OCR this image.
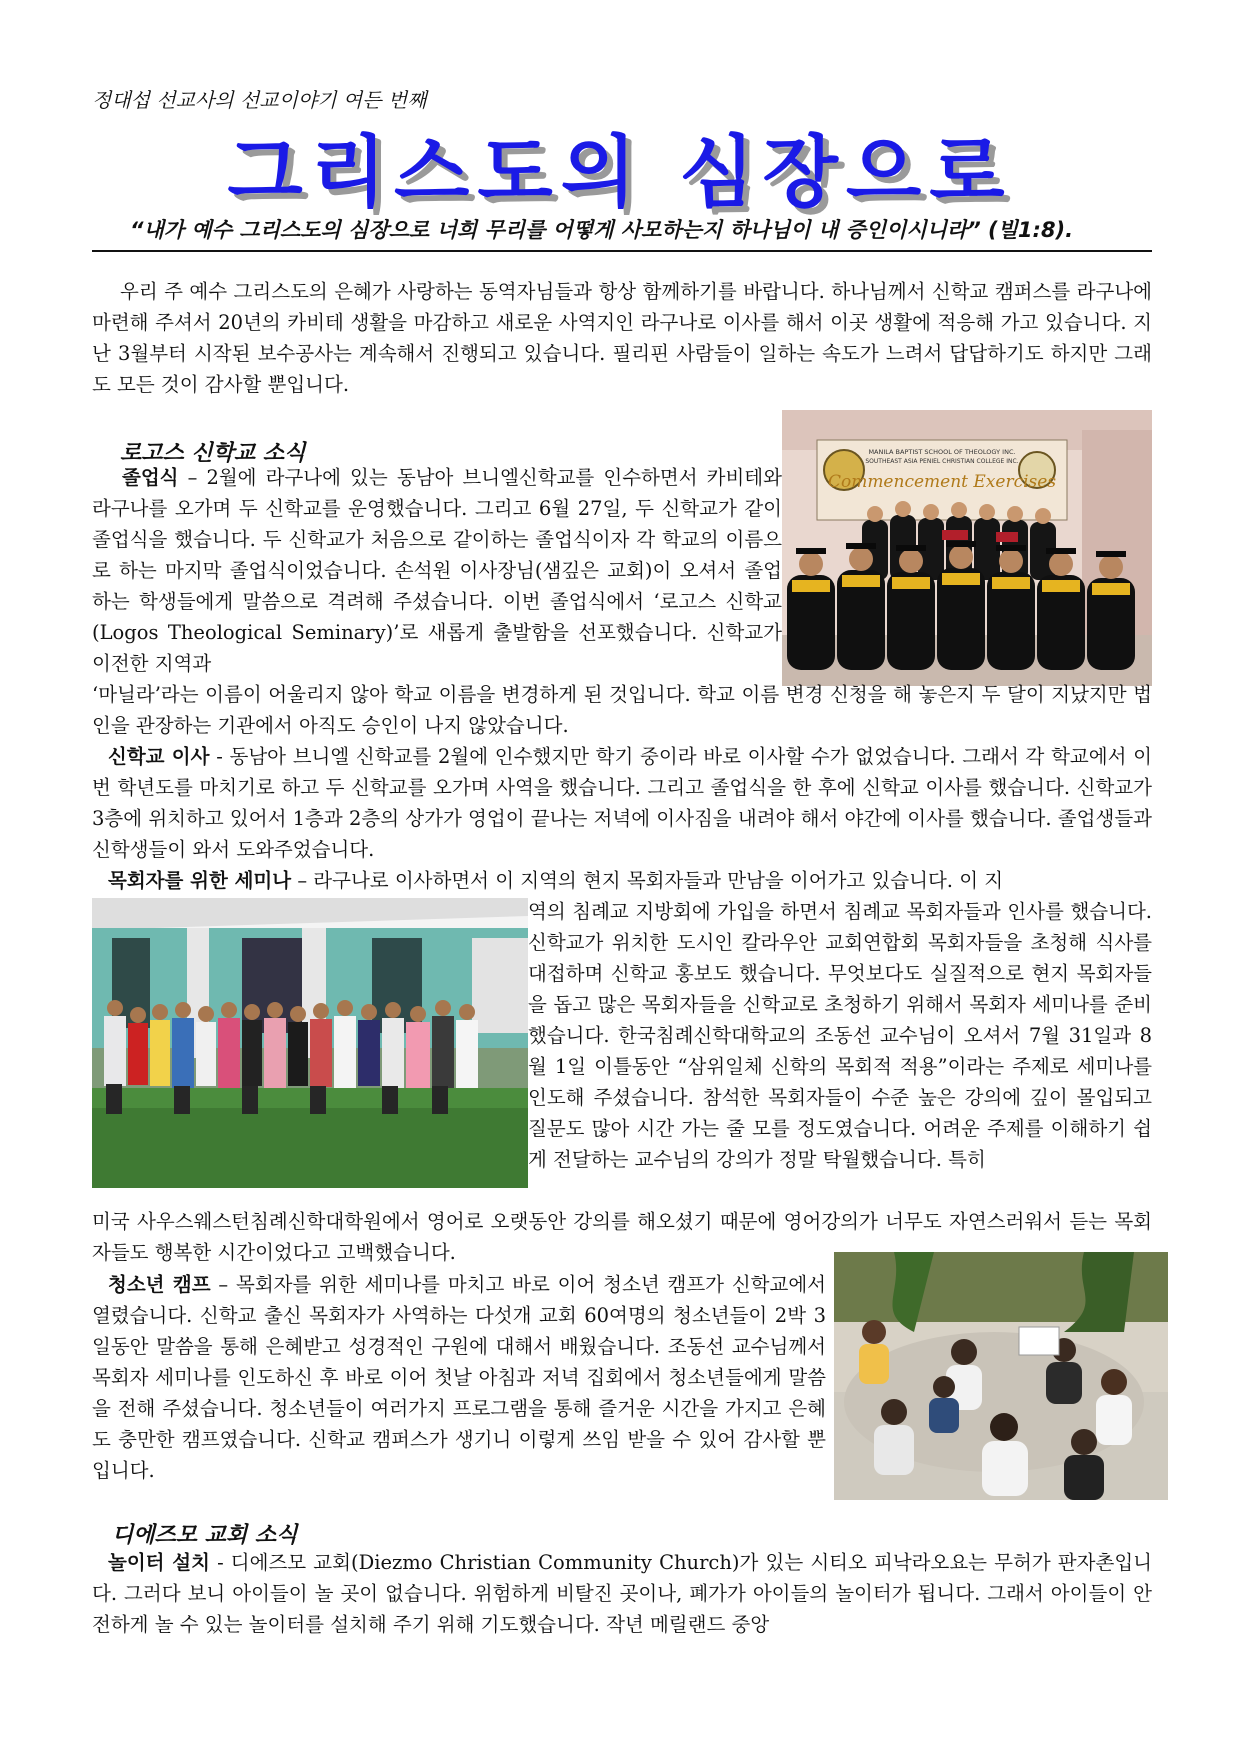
정대섭 선교사의 선교이야기 여든 번째
그리스도의 심장으로
“내가 예수 그리스도의 심장으로 너희 무리를 어떻게 사모하는지 하나님이 내 증인이시니라” (빌1:8).

우리 주 예수 그리스도의 은혜가 사랑하는 동역자님들과 항상 함께하기를 바랍니다. 하나님께서 신학교 캠퍼스를 라구나에 마련해 주셔서 20년의 카비테 생활을 마감하고 새로운 사역지인 라구나로 이사를 해서 이곳 생활에 적응해 가고 있습니다. 지난 3월부터 시작된 보수공사는 계속해서 진행되고 있습니다. 필리핀 사람들이 일하는 속도가 느려서 답답하기도 하지만 그래도 모든 것이 감사할 뿐입니다.

로고스 신학교 소식	MANILA BAPTIST SCHOOL OF THEOLOGY INC.
SOUTHEAST ASIA PENIEL CHRISTIAN COLLEGE INC.
Commencement Exercises

졸업식 – 2월에 라구나에 있는 동남아 브니엘신학교를 인수하면서 카비테와 라구나를 오가며 두 신학교를 운영했습니다. 그리고 6월 27일, 두 신학교가 같이 졸업식을 했습니다. 두 신학교가 처음으로 같이하는 졸업식이자 각 학교의 이름으로 하는 마지막 졸업식이었습니다. 손석원 이사장님(샘깊은 교회)이 오셔서 졸업하는 학생들에게 말씀으로 격려해 주셨습니다. 이번 졸업식에서 ‘로고스 신학교(Logos Theological Seminary)’로 새롭게 출발함을 선포했습니다. 신학교가 이전한 지역과

‘마닐라’라는 이름이 어울리지 않아 학교 이름을 변경하게 된 것입니다. 학교 이름 변경 신청을 해 놓은지 두 달이 지났지만 법인을 관장하는 기관에서 아직도 승인이 나지 않았습니다.

신학교 이사 - 동남아 브니엘 신학교를 2월에 인수했지만 학기 중이라 바로 이사할 수가 없었습니다. 그래서 각 학교에서 이번 학년도를 마치기로 하고 두 신학교를 오가며 사역을 했습니다. 그리고 졸업식을 한 후에 신학교 이사를 했습니다. 신학교가 3층에 위치하고 있어서 1층과 2층의 상가가 영업이 끝나는 저녁에 이사짐을 내려야 해서 야간에 이사를 했습니다. 졸업생들과 신학생들이 와서 도와주었습니다.

목회자를 위한 세미나 – 라구나로 이사하면서 이 지역의 현지 목회자들과 만남을 이어가고 있습니다. 이 지

역의 침례교 지방회에 가입을 하면서 침례교 목회자들과 인사를 했습니다. 신학교가 위치한 도시인 칼라우안 교회연합회 목회자들을 초청해 식사를 대접하며 신학교 홍보도 했습니다. 무엇보다도 실질적으로 현지 목회자들을 돕고 많은 목회자들을 신학교로 초청하기 위해서 목회자 세미나를 준비했습니다. 한국침례신학대학교의 조동선 교수님이 오셔서 7월 31일과 8월 1일 이틀동안 “삼위일체 신학의 목회적 적용”이라는 주제로 세미나를 인도해 주셨습니다. 참석한 목회자들이 수준 높은 강의에 깊이 몰입되고 질문도 많아 시간 가는 줄 모를 정도였습니다. 어려운 주제를 이해하기 쉽게 전달하는 교수님의 강의가 정말 탁월했습니다. 특히

미국 사우스웨스턴침례신학대학원에서 영어로 오랫동안 강의를 해오셨기 때문에 영어강의가 너무도 자연스러워서 듣는 목회자들도 행복한 시간이었다고 고백했습니다.

청소년 캠프 – 목회자를 위한 세미나를 마치고 바로 이어 청소년 캠프가 신학교에서 열렸습니다. 신학교 출신 목회자가 사역하는 다섯개 교회 60여명의 청소년들이 2박 3일동안 말씀을 통해 은혜받고 성경적인 구원에 대해서 배웠습니다. 조동선 교수님께서 목회자 세미나를 인도하신 후 바로 이어 첫날 아침과 저녁 집회에서 청소년들에게 말씀을 전해 주셨습니다. 청소년들이 여러가지 프로그램을 통해 즐거운 시간을 가지고 은혜도 충만한 캠프였습니다. 신학교 캠퍼스가 생기니 이렇게 쓰임 받을 수 있어 감사할 뿐입니다.

디에즈모 교회 소식

놀이터 설치 - 디에즈모 교회(Diezmo Christian Community Church)가 있는 시티오 피낙라오요는 무허가 판자촌입니다. 그러다 보니 아이들이 놀 곳이 없습니다. 위험하게 비탈진 곳이나, 폐가가 아이들의 놀이터가 됩니다. 그래서 아이들이 안전하게 놀 수 있는 놀이터를 설치해 주기 위해 기도했습니다. 작년 메릴랜드 중앙
